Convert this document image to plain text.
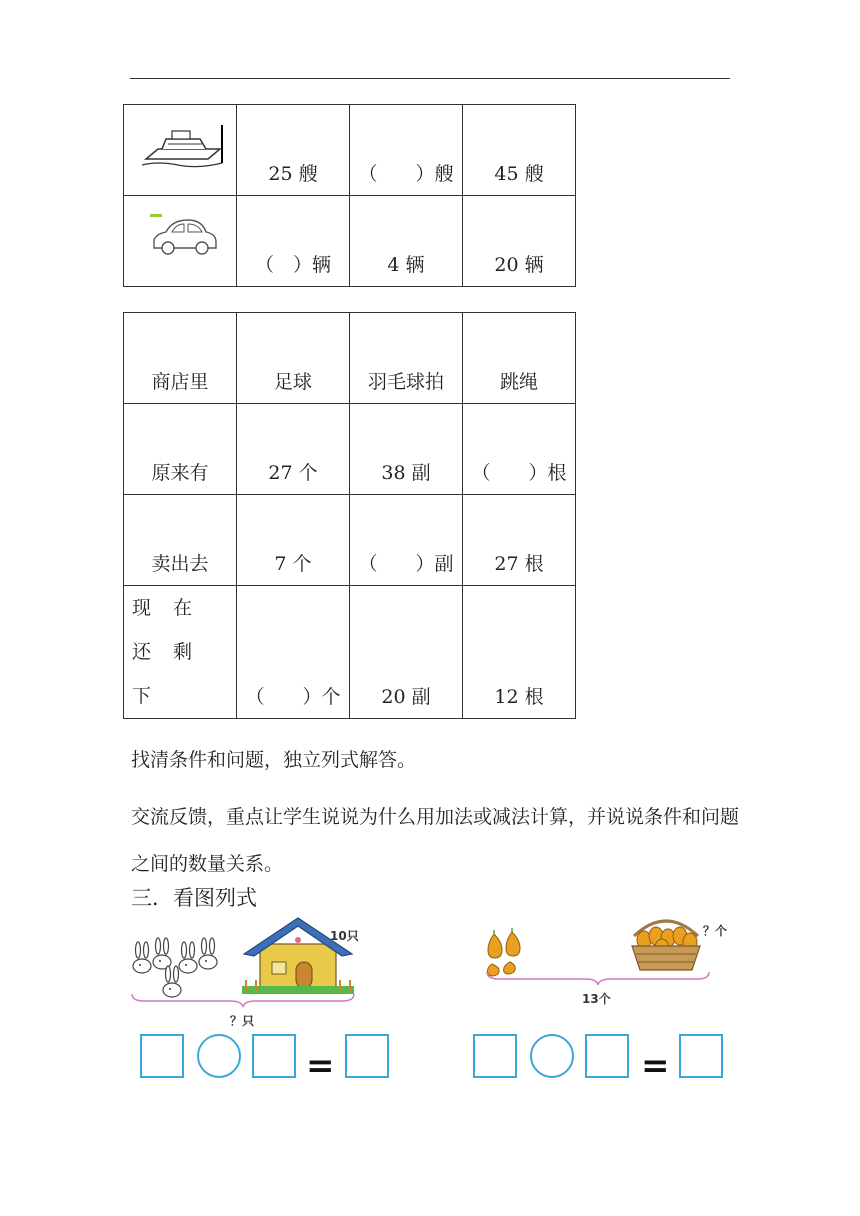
25 艘	（　　）艘	45 艘

（　）辆	4 辆	20 辆
商店里	足球	羽毛球拍	跳绳

原来有	27 个	38 副	（　　）根

卖出去	7 个	（　　）副	27 根

现 在 还 剩 下	（　　）个	20 副	12 根
找清条件和问题，独立列式解答。
交流反馈，重点让学生说说为什么用加法或减法计算，并说说条件和问题之间的数量关系。
三．看图列式
10只
？只
=
？个
13个
=
